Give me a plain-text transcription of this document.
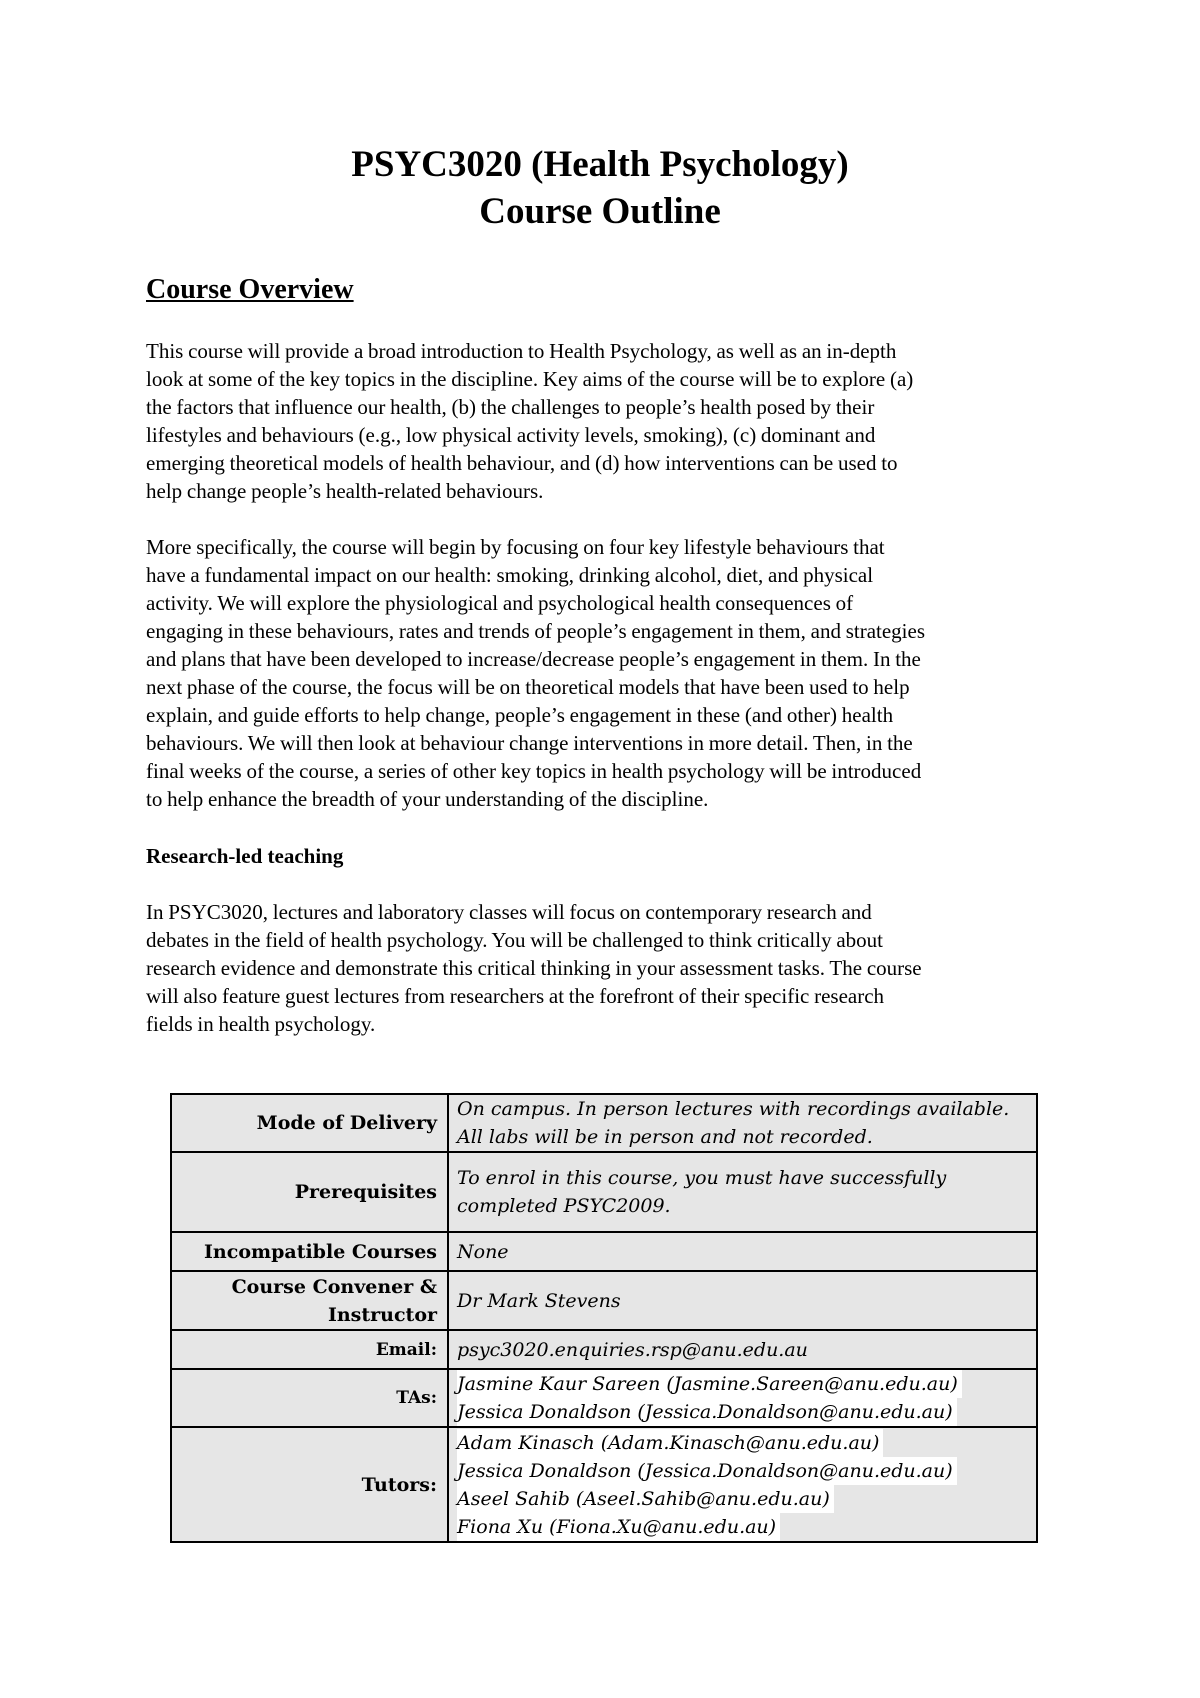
PSYC3020 (Health Psychology)
Course Outline
Course Overview

This course will provide a broad introduction to Health Psychology, as well as an in-depth
look at some of the key topics in the discipline. Key aims of the course will be to explore (a)
the factors that influence our health, (b) the challenges to people’s health posed by their
lifestyles and behaviours (e.g., low physical activity levels, smoking), (c) dominant and
emerging theoretical models of health behaviour, and (d) how interventions can be used to
help change people’s health-related behaviours.

More specifically, the course will begin by focusing on four key lifestyle behaviours that
have a fundamental impact on our health: smoking, drinking alcohol, diet, and physical
activity. We will explore the physiological and psychological health consequences of
engaging in these behaviours, rates and trends of people’s engagement in them, and strategies
and plans that have been developed to increase/decrease people’s engagement in them. In the
next phase of the course, the focus will be on theoretical models that have been used to help
explain, and guide efforts to help change, people’s engagement in these (and other) health
behaviours. We will then look at behaviour change interventions in more detail. Then, in the
final weeks of the course, a series of other key topics in health psychology will be introduced
to help enhance the breadth of your understanding of the discipline.

Research-led teaching

In PSYC3020, lectures and laboratory classes will focus on contemporary research and
debates in the field of health psychology. You will be challenged to think critically about
research evidence and demonstrate this critical thinking in your assessment tasks. The course
will also feature guest lectures from researchers at the forefront of their specific research
fields in health psychology.

Mode of Delivery	On campus. In person lectures with recordings available.
All labs will be in person and not recorded.

Prerequisites	To enrol in this course, you must have successfully
completed PSYC2009.

Incompatible Courses	None

Course Convener &
Instructor	Dr Mark Stevens
Email:	psyc3020.enquiries.rsp@anu.edu.au
TAs:	Jasmine Kaur Sareen (Jasmine.Sareen@anu.edu.au)
Jessica Donaldson (Jessica.Donaldson@anu.edu.au)
Tutors:	Adam Kinasch (Adam.Kinasch@anu.edu.au)
Jessica Donaldson (Jessica.Donaldson@anu.edu.au)
Aseel Sahib (Aseel.Sahib@anu.edu.au)
Fiona Xu (Fiona.Xu@anu.edu.au)
